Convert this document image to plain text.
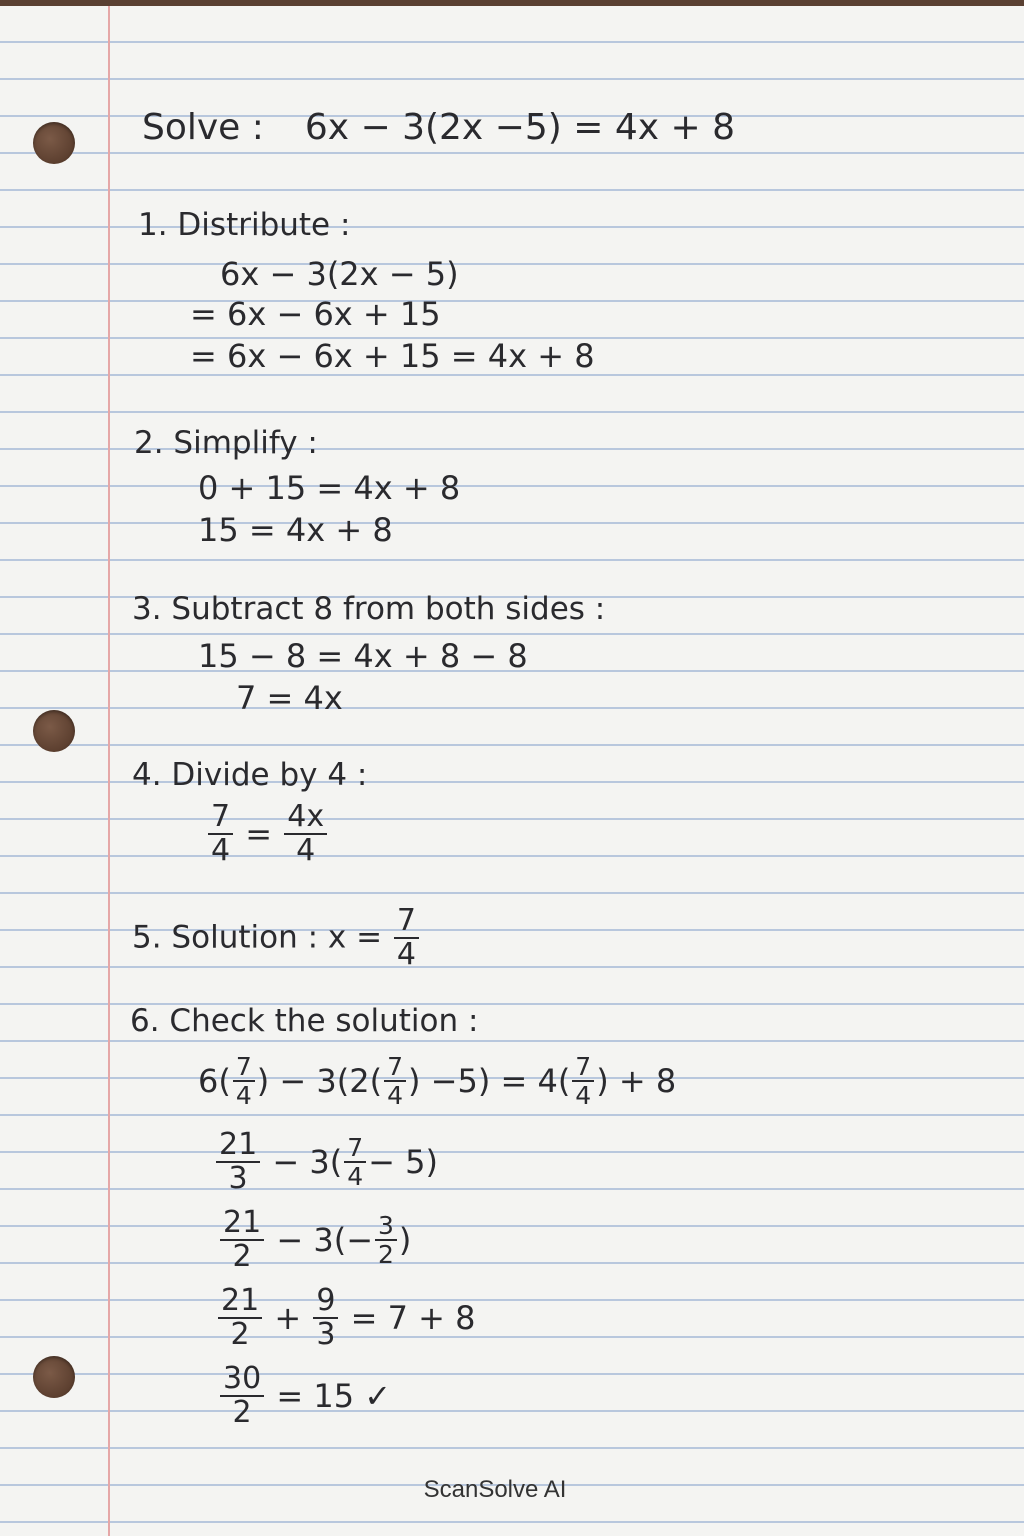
Solve : 6x − 3(2x −5) = 4x + 8
1. Distribute :
6x − 3(2x − 5)
= 6x − 6x + 15
= 6x − 6x + 15 = 4x + 8
2. Simplify :
0 + 15 = 4x + 8
15 = 4x + 8
3. Subtract 8 from both sides :
15 − 8 = 4x + 8 − 8
7 = 4x
4. Divide by 4 :
$\frac{7}{4} = \frac{4x}{4}$
5. Solution : $x = \frac{7}{4}$
6. Check the solution :
$6( \frac{7}{4}$ ) − $3(2( \frac{7}{4}$ ) $-5) = 4( \frac{7}{4}$ ) + 8
$\frac{21}{3} - 3( \frac{7}{4} - 5)$
$\frac{21}{2} - 3(- \frac{3}{2}$ )
$\frac{21}{2} + \frac{9}{3} = 7 + 8$
$\frac{30}{2} = 15$ ✓
ScanSolve AI
